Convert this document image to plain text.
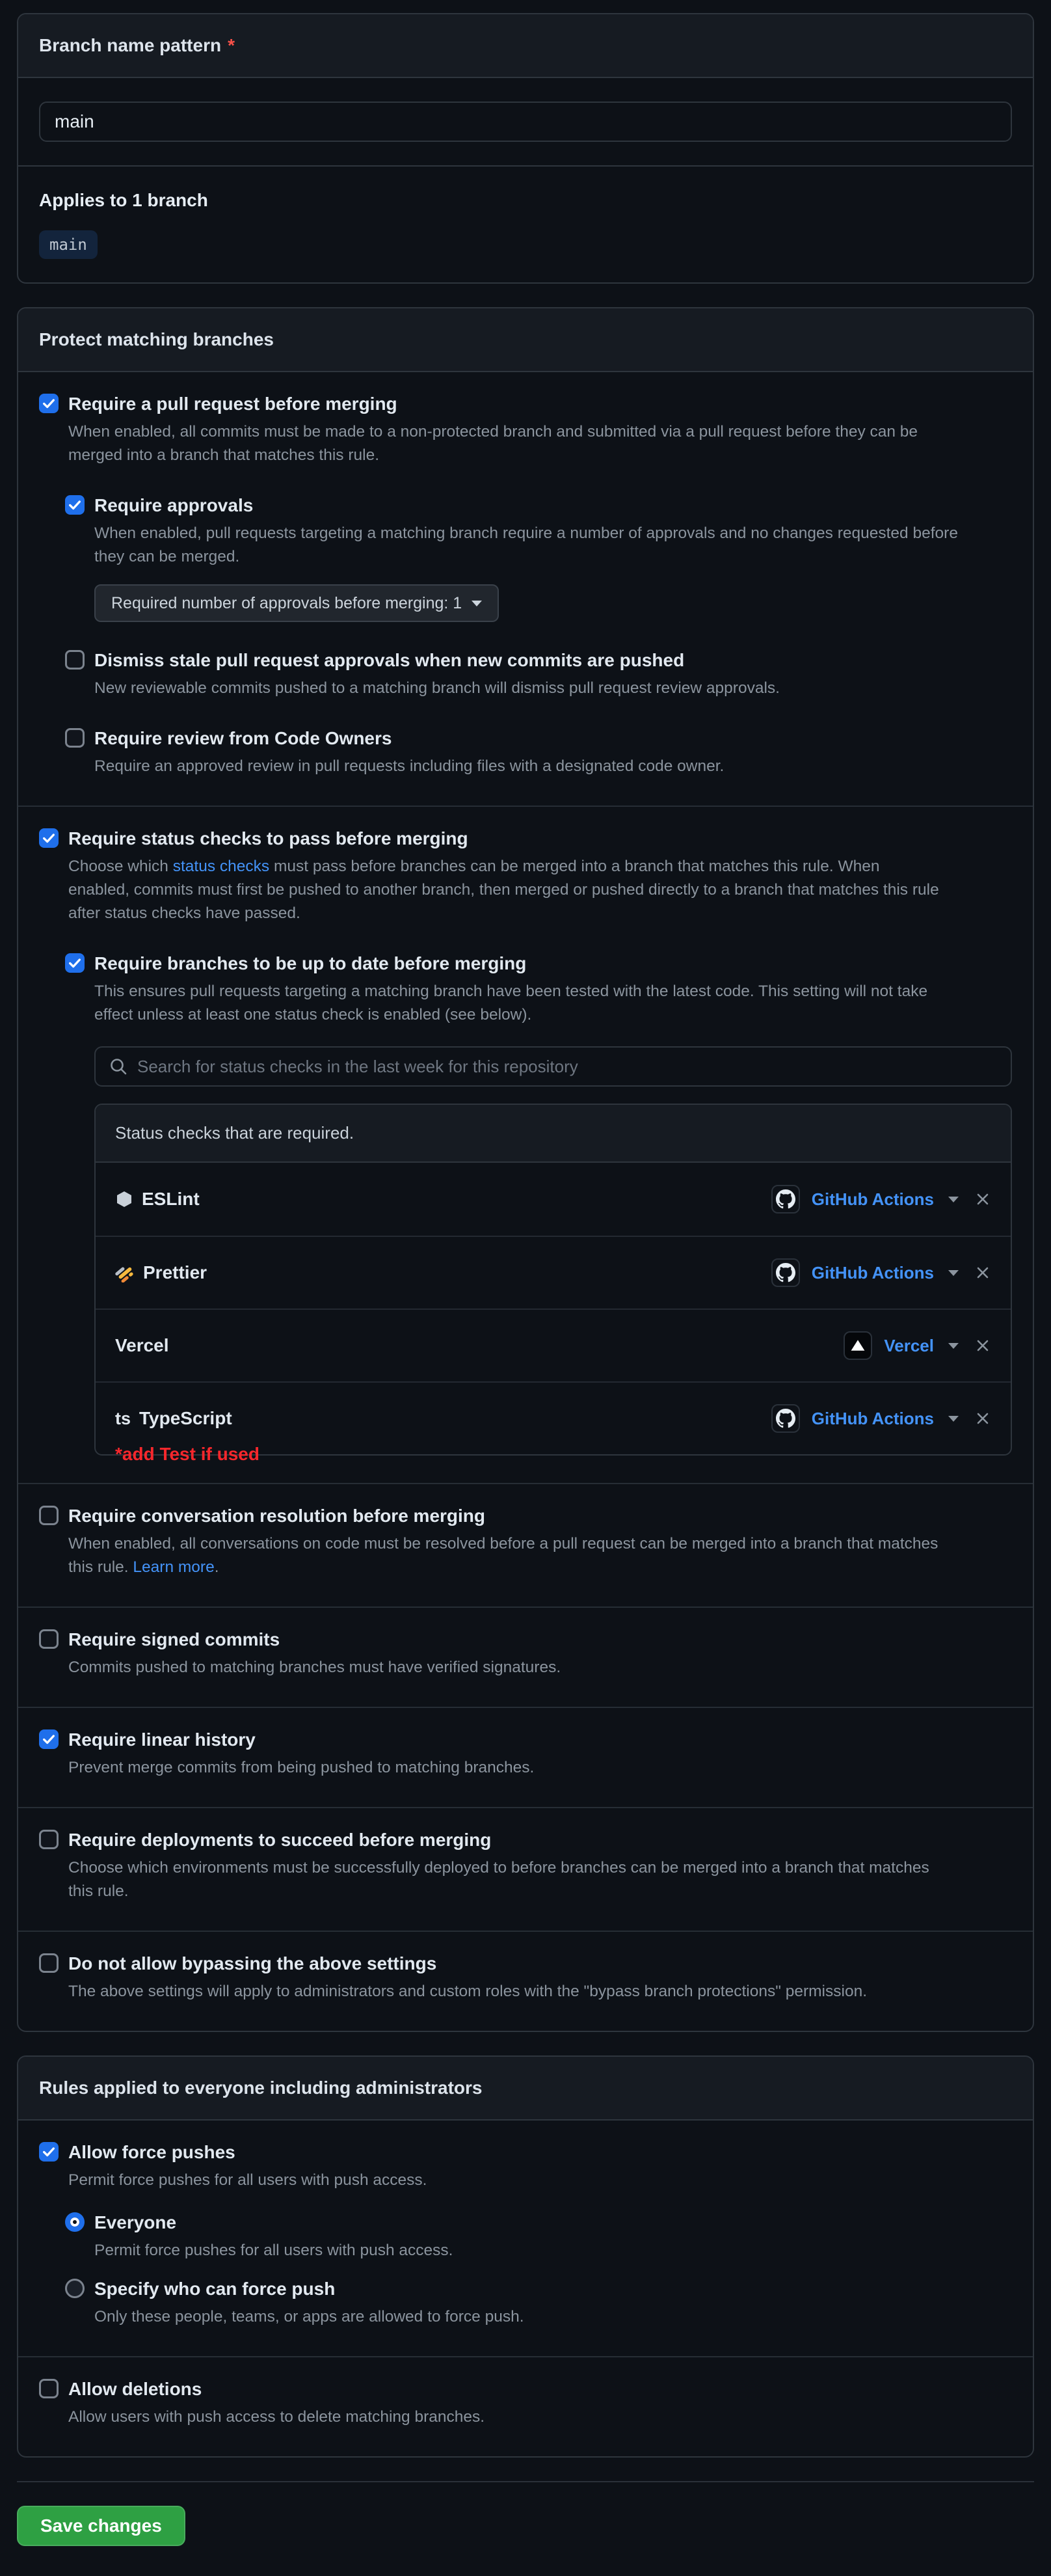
Branch name pattern *
main
Applies to 1 branch
main
Protect matching branches
Require a pull request before merging
When enabled, all commits must be made to a non-protected branch and submitted via a pull request before they can be merged into a branch that matches this rule.
Require approvals
When enabled, pull requests targeting a matching branch require a number of approvals and no changes requested before they can be merged.
Required number of approvals before merging: 1
Dismiss stale pull request approvals when new commits are pushed
New reviewable commits pushed to a matching branch will dismiss pull request review approvals.
Require review from Code Owners
Require an approved review in pull requests including files with a designated code owner.
Require status checks to pass before merging
Choose which status checks must pass before branches can be merged into a branch that matches this rule. When enabled, commits must first be pushed to another branch, then merged or pushed directly to a branch that matches this rule after status checks have passed.
Require branches to be up to date before merging
This ensures pull requests targeting a matching branch have been tested with the latest code. This setting will not take effect unless at least one status check is enabled (see below).
Search for status checks in the last week for this repository
Status checks that are required.
ESLint	GitHub Actions
Prettier	GitHub Actions
Vercel	Vercel
ts TypeScript	GitHub Actions
*add Test if used
Require conversation resolution before merging
When enabled, all conversations on code must be resolved before a pull request can be merged into a branch that matches this rule. Learn more.
Require signed commits
Commits pushed to matching branches must have verified signatures.
Require linear history
Prevent merge commits from being pushed to matching branches.
Require deployments to succeed before merging
Choose which environments must be successfully deployed to before branches can be merged into a branch that matches this rule.
Do not allow bypassing the above settings
The above settings will apply to administrators and custom roles with the "bypass branch protections" permission.
Rules applied to everyone including administrators
Allow force pushes
Permit force pushes for all users with push access.
Everyone
Permit force pushes for all users with push access.
Specify who can force push
Only these people, teams, or apps are allowed to force push.
Allow deletions
Allow users with push access to delete matching branches.
Save changes
